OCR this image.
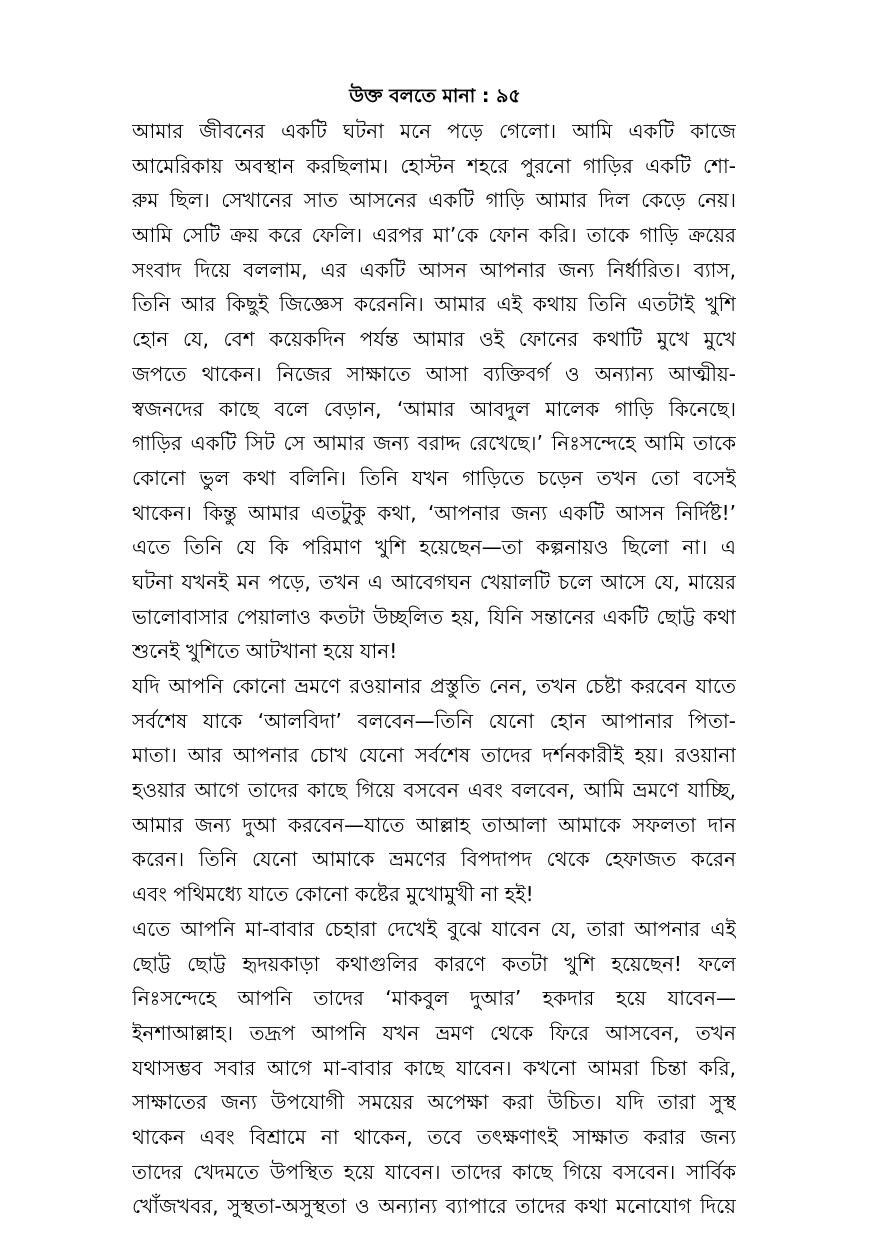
উক্ত বলতে মানা : ৯৫
আমার জীবনের একটি ঘটনা মনে পড়ে গেলো। আমি একটি কাজে
আমেরিকায় অবস্থান করছিলাম। হোস্টন শহরে পুরনো গাড়ির একটি শো-
রুম ছিল। সেখানের সাত আসনের একটি গাড়ি আমার দিল কেড়ে নেয়।
আমি সেটি ক্রয় করে ফেলি। এরপর মা’কে ফোন করি। তাকে গাড়ি ক্রয়ের
সংবাদ দিয়ে বললাম, এর একটি আসন আপনার জন্য নির্ধারিত। ব্যাস,
তিনি আর কিছুই জিজ্ঞেস করেননি। আমার এই কথায় তিনি এতটাই খুশি
হোন যে, বেশ কয়েকদিন পর্যন্ত আমার ওই ফোনের কথাটি মুখে মুখে
জপতে থাকেন। নিজের সাক্ষাতে আসা ব্যক্তিবর্গ ও অন্যান্য আত্মীয়-
স্বজনদের কাছে বলে বেড়ান, ‘আমার আবদুল মালেক গাড়ি কিনেছে।
গাড়ির একটি সিট সে আমার জন্য বরাদ্দ রেখেছে।’ নিঃসন্দেহে আমি তাকে
কোনো ভুল কথা বলিনি। তিনি যখন গাড়িতে চড়েন তখন তো বসেই
থাকেন। কিন্তু আমার এতটুকু কথা, ‘আপনার জন্য একটি আসন নির্দিষ্ট!’
এতে তিনি যে কি পরিমাণ খুশি হয়েছেন—তা কল্পনায়ও ছিলো না। এ
ঘটনা যখনই মন পড়ে, তখন এ আবেগঘন খেয়ালটি চলে আসে যে, মায়ের
ভালোবাসার পেয়ালাও কতটা উচ্ছলিত হয়, যিনি সন্তানের একটি ছোট্ট কথা
শুনেই খুশিতে আটখানা হয়ে যান!
যদি আপনি কোনো ভ্রমণে রওয়ানার প্রস্তুতি নেন, তখন চেষ্টা করবেন যাতে
সর্বশেষ যাকে ‘আলবিদা’ বলবেন—তিনি যেনো হোন আপানার পিতা-
মাতা। আর আপনার চোখ যেনো সর্বশেষ তাদের দর্শনকারীই হয়। রওয়ানা
হওয়ার আগে তাদের কাছে গিয়ে বসবেন এবং বলবেন, আমি ভ্রমণে যাচ্ছি,
আমার জন্য দুআ করবেন—যাতে আল্লাহ তাআলা আমাকে সফলতা দান
করেন। তিনি যেনো আমাকে ভ্রমণের বিপদাপদ থেকে হেফাজত করেন
এবং পথিমধ্যে যাতে কোনো কষ্টের মুখোমুখী না হই!
এতে আপনি মা-বাবার চেহারা দেখেই বুঝে যাবেন যে, তারা আপনার এই
ছোট্ট ছোট্ট হৃদয়কাড়া কথাগুলির কারণে কতটা খুশি হয়েছেন! ফলে
নিঃসন্দেহে আপনি তাদের ‘মাকবুল দুআর’ হকদার হয়ে যাবেন—
ইনশাআল্লাহ। তদ্রূপ আপনি যখন ভ্রমণ থেকে ফিরে আসবেন, তখন
যথাসম্ভব সবার আগে মা-বাবার কাছে যাবেন। কখনো আমরা চিন্তা করি,
সাক্ষাতের জন্য উপযোগী সময়ের অপেক্ষা করা উচিত। যদি তারা সুস্থ
থাকেন এবং বিশ্রামে না থাকেন, তবে তৎক্ষণাৎই সাক্ষাত করার জন্য
তাদের খেদমতে উপস্থিত হয়ে যাবেন। তাদের কাছে গিয়ে বসবেন। সার্বিক
খোঁজখবর, সুস্থতা-অসুস্থতা ও অন্যান্য ব্যাপারে তাদের কথা মনোযোগ দিয়ে
